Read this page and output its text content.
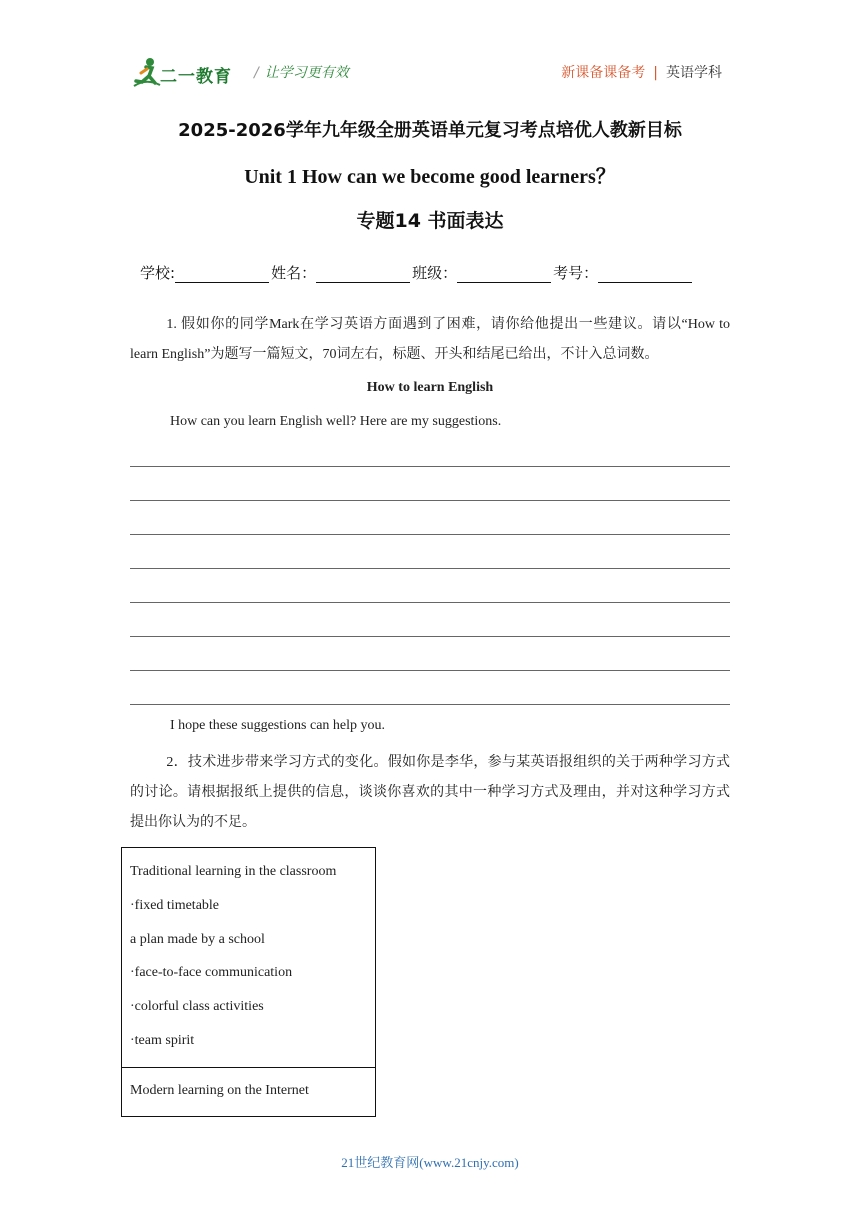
二一教育 / 让学习更有效	新课备课备考 | 英语学科
2025-2026学年九年级全册英语单元复习考点培优人教新目标
Unit 1 How can we become good learners？
专题14 书面表达
学校:	姓名：	班级：	考号：
1. 假如你的同学Mark在学习英语方面遇到了困难，请你给他提出一些建议。请以“How to learn English”为题写一篇短文，70词左右，标题、开头和结尾已给出，不计入总词数。
How to learn English
How can you learn English well? Here are my suggestions.
I hope these suggestions can help you.
2．技术进步带来学习方式的变化。假如你是李华，参与某英语报组织的关于两种学习方式的讨论。请根据报纸上提供的信息，谈谈你喜欢的其中一种学习方式及理由，并对这种学习方式提出你认为的不足。
Traditional learning in the classroom
·fixed timetable
a plan made by a school
·face-to-face communication
·colorful class activities
·team spirit
Modern learning on the Internet
21世纪教育网(www.21cnjy.com)
